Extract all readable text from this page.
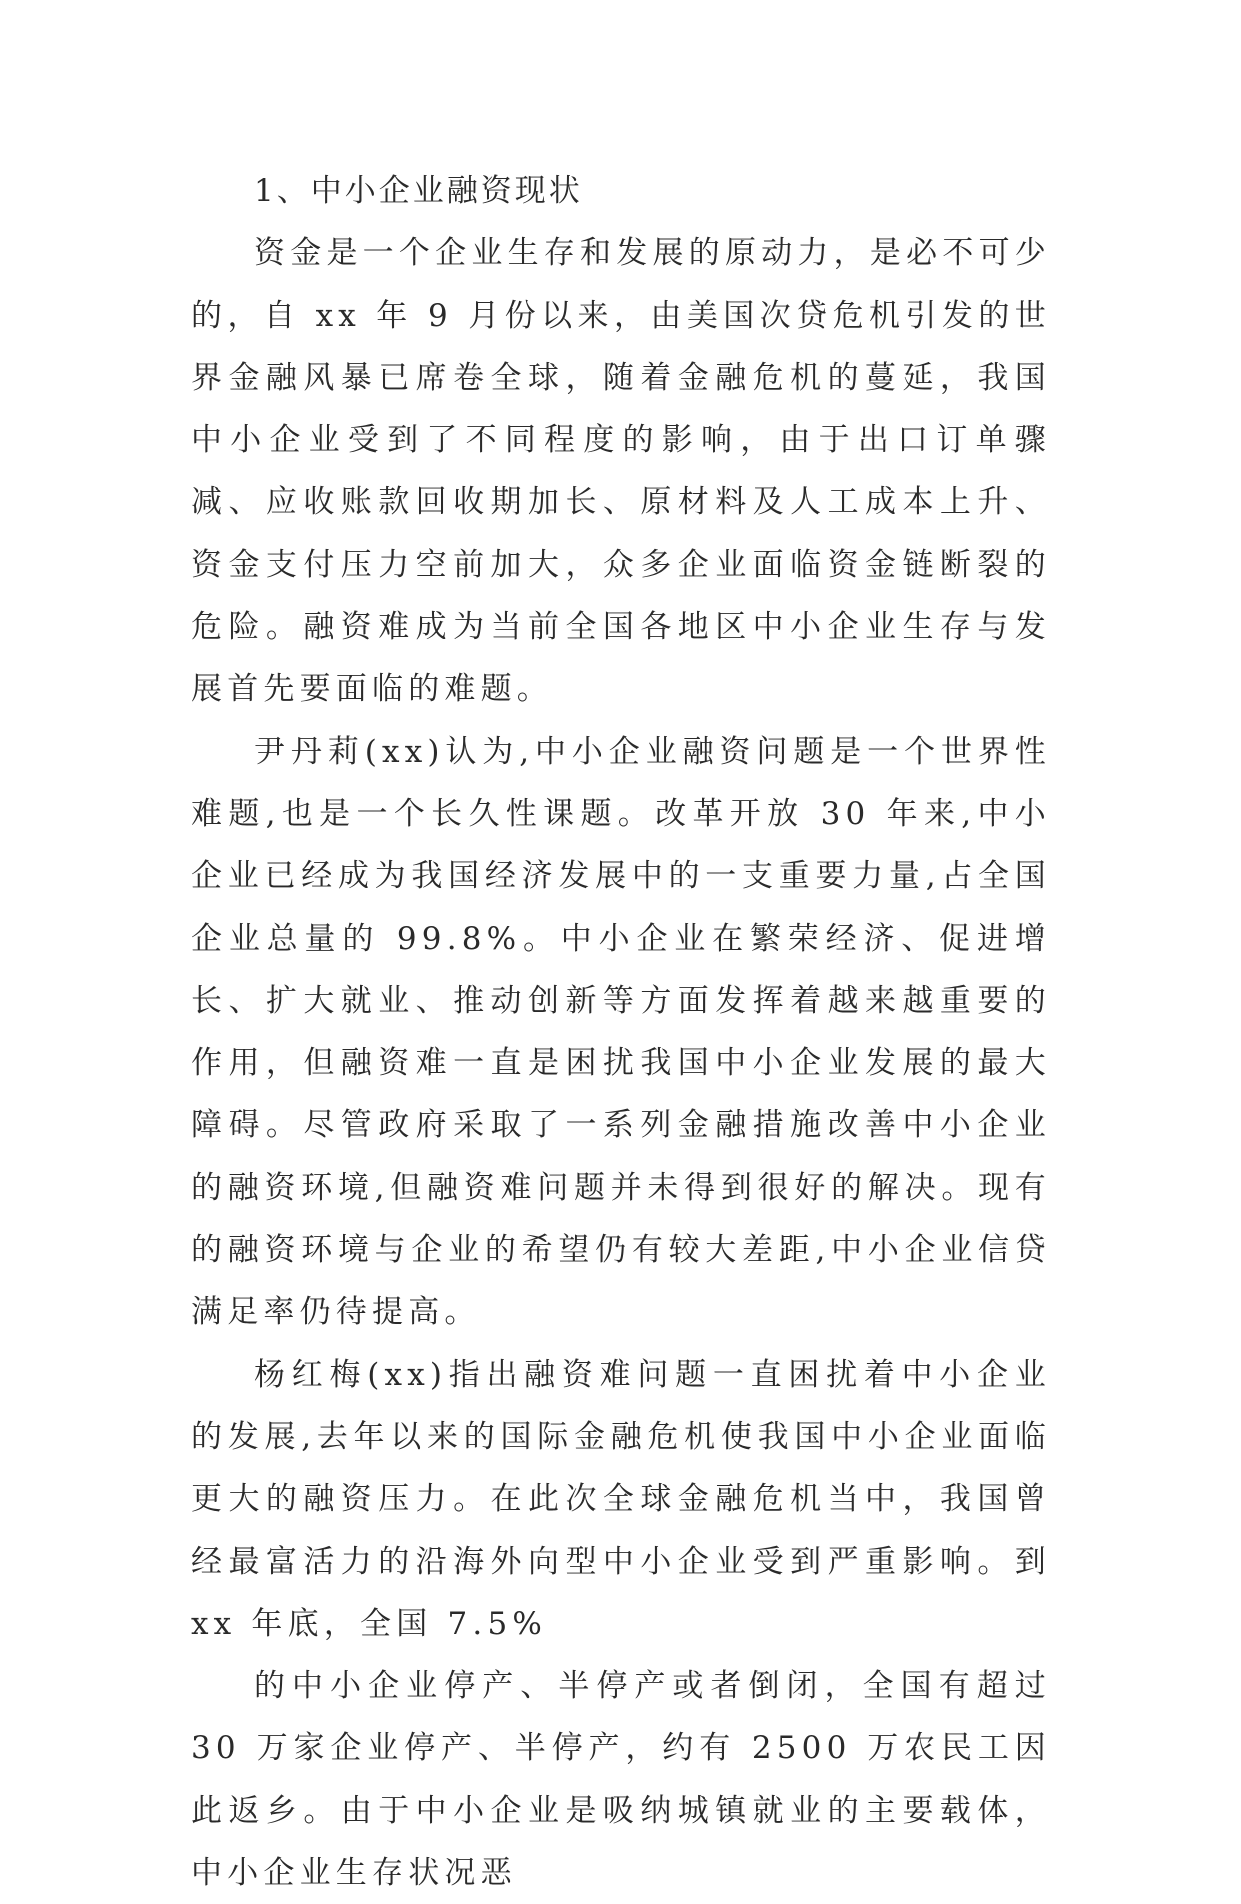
1、中小企业融资现状

资金是一个企业生存和发展的原动力，是必不可少的，自 xx 年 9 月份以来，由美国次贷危机引发的世界金融风暴已席卷全球，随着金融危机的蔓延，我国中小企业受到了不同程度的影响，由于出口订单骤减、应收账款回收期加长、原材料及人工成本上升、资金支付压力空前加大，众多企业面临资金链断裂的危险。融资难成为当前全国各地区中小企业生存与发展首先要面临的难题。

尹丹莉(xx)认为,中小企业融资问题是一个世界性难题,也是一个长久性课题。改革开放 30 年来,中小企业已经成为我国经济发展中的一支重要力量,占全国企业总量的 99.8%。中小企业在繁荣经济、促进增长、扩大就业、推动创新等方面发挥着越来越重要的作用，但融资难一直是困扰我国中小企业发展的最大障碍。尽管政府采取了一系列金融措施改善中小企业的融资环境,但融资难问题并未得到很好的解决。现有的融资环境与企业的希望仍有较大差距,中小企业信贷满足率仍待提高。

杨红梅(xx)指出融资难问题一直困扰着中小企业的发展,去年以来的国际金融危机使我国中小企业面临更大的融资压力。在此次全球金融危机当中，我国曾经最富活力的沿海外向型中小企业受到严重影响。到 xx 年底，全国 7.5%

的中小企业停产、半停产或者倒闭，全国有超过 30 万家企业停产、半停产，约有 2500 万农民工因此返乡。由于中小企业是吸纳城镇就业的主要载体，中小企业生存状况恶
